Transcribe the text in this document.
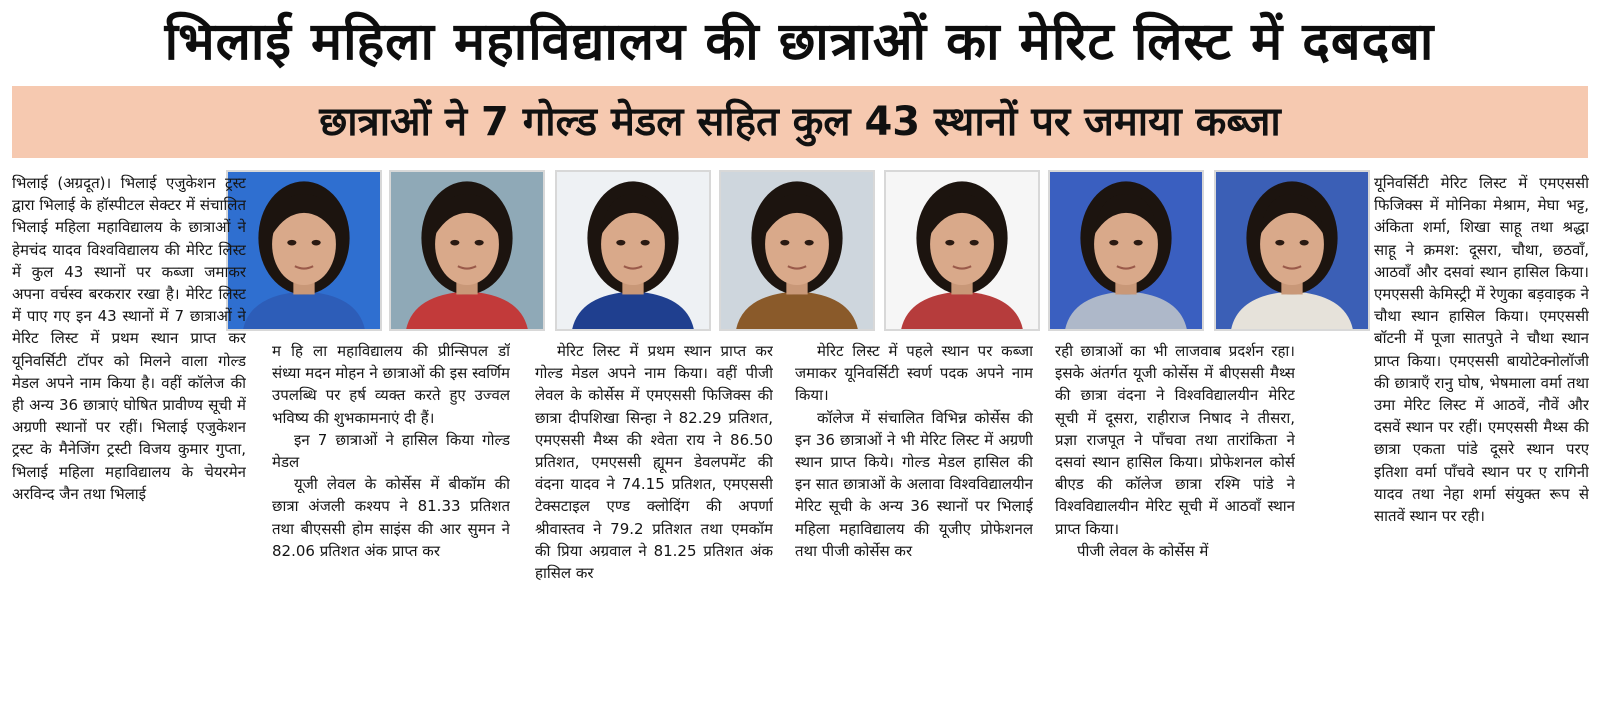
भिलाई महिला महाविद्यालय की छात्राओं का मेरिट लिस्ट में दबदबा
छात्राओं ने 7 गोल्ड मेडल सहित कुल 43 स्थानों पर जमाया कब्जा

भिलाई (अग्रदूत)। भिलाई एजुकेशन ट्रस्ट द्वारा भिलाई के हॉस्पीटल सेक्टर में संचालित भिलाई महिला महाविद्यालय के छात्राओं ने हेमचंद यादव विश्वविद्यालय की मेरिट लिस्ट में कुल 43 स्थानों पर कब्जा जमाकर अपना वर्चस्व बरकरार रखा है। मेरिट लिस्ट में पाए गए इन 43 स्थानों में 7 छात्राओं ने मेरिट लिस्ट में प्रथम स्थान प्राप्त कर यूनिवर्सिटी टॉपर को मिलने वाला गोल्ड मेडल अपने नाम किया है। वहीं कॉलेज की ही अन्य 36 छात्राएं घोषित प्रावीण्य सूची में अग्रणी स्थानों पर रहीं। भिलाई एजुकेशन ट्रस्ट के मैनेजिंग ट्रस्टी विजय कुमार गुप्ता, भिलाई महिला महाविद्यालय के चेयरमेन अरविन्द जैन तथा भिलाई

म हि ला महाविद्यालय की प्रीन्सिपल डॉ संध्या मदन मोहन ने छात्राओं की इस स्वर्णिम उपलब्धि पर हर्ष व्यक्त करते हुए उज्वल भविष्य की शुभकामनाएं दी हैं।

इन 7 छात्राओं ने हासिल किया गोल्ड मेडल

यूजी लेवल के कोर्सेस में बीकॉम की छात्रा अंजली कश्यप ने 81.33 प्रतिशत तथा बीएससी होम साइंस की आर सुमन ने 82.06 प्रतिशत अंक प्राप्त कर

मेरिट लिस्ट में प्रथम स्थान प्राप्त कर गोल्ड मेडल अपने नाम किया। वहीं पीजी लेवल के कोर्सेस में एमएससी फिजिक्स की छात्रा दीपशिखा सिन्हा ने 82.29 प्रतिशत, एमएससी मैथ्स की श्वेता राय ने 86.50 प्रतिशत, एमएससी ह्यूमन डेवलपमेंट की वंदना यादव ने 74.15 प्रतिशत, एमएससी टेक्सटाइल एण्ड क्लोदिंग की अपर्णा श्रीवास्तव ने 79.2 प्रतिशत तथा एमकॉम की प्रिया अग्रवाल ने 81.25 प्रतिशत अंक हासिल कर

मेरिट लिस्ट में पहले स्थान पर कब्जा जमाकर यूनिवर्सिटी स्वर्ण पदक अपने नाम किया।

कॉलेज में संचालित विभिन्न कोर्सेस की इन 36 छात्राओं ने भी मेरिट लिस्ट में अग्रणी स्थान प्राप्त किये। गोल्ड मेडल हासिल की इन सात छात्राओं के अलावा विश्वविद्यालयीन मेरिट सूची के अन्य 36 स्थानों पर भिलाई महिला महाविद्यालय की यूजीए प्रोफेशनल तथा पीजी कोर्सेस कर

रही छात्राओं का भी लाजवाब प्रदर्शन रहा। इसके अंतर्गत यूजी कोर्सेस में बीएससी मैथ्स की छात्रा वंदना ने विश्वविद्यालयीन मेरिट सूची में दूसरा, राहीराज निषाद ने तीसरा, प्रज्ञा राजपूत ने पाँचवा तथा तारांकिता ने दसवां स्थान हासिल किया। प्रोफेशनल कोर्स बीएड की कॉलेज छात्रा रश्मि पांडे ने विश्वविद्यालयीन मेरिट सूची में आठवाँ स्थान प्राप्त किया।

पीजी लेवल के कोर्सेस में

यूनिवर्सिटी मेरिट लिस्ट में एमएससी फिजिक्स में मोनिका मेश्राम, मेघा भट्ट, अंकिता शर्मा, शिखा साहू तथा श्रद्धा साहू ने क्रमश: दूसरा, चौथा, छठवाँ, आठवाँ और दसवां स्थान हासिल किया। एमएससी केमिस्ट्री में रेणुका बड़वाइक ने चौथा स्थान हासिल किया। एमएससी बॉटनी में पूजा सातपुते ने चौथा स्थान प्राप्त किया। एमएससी बायोटेक्नोलॉजी की छात्राएँ रानु घोष, भेषमाला वर्मा तथा उमा मेरिट लिस्ट में आठवें, नौवें और दसवें स्थान पर रहीं। एमएससी मैथ्स की छात्रा एकता पांडे दूसरे स्थान परए इतिशा वर्मा पाँचवे स्थान पर ए रागिनी यादव तथा नेहा शर्मा संयुक्त रूप से सातवें स्थान पर रही।
